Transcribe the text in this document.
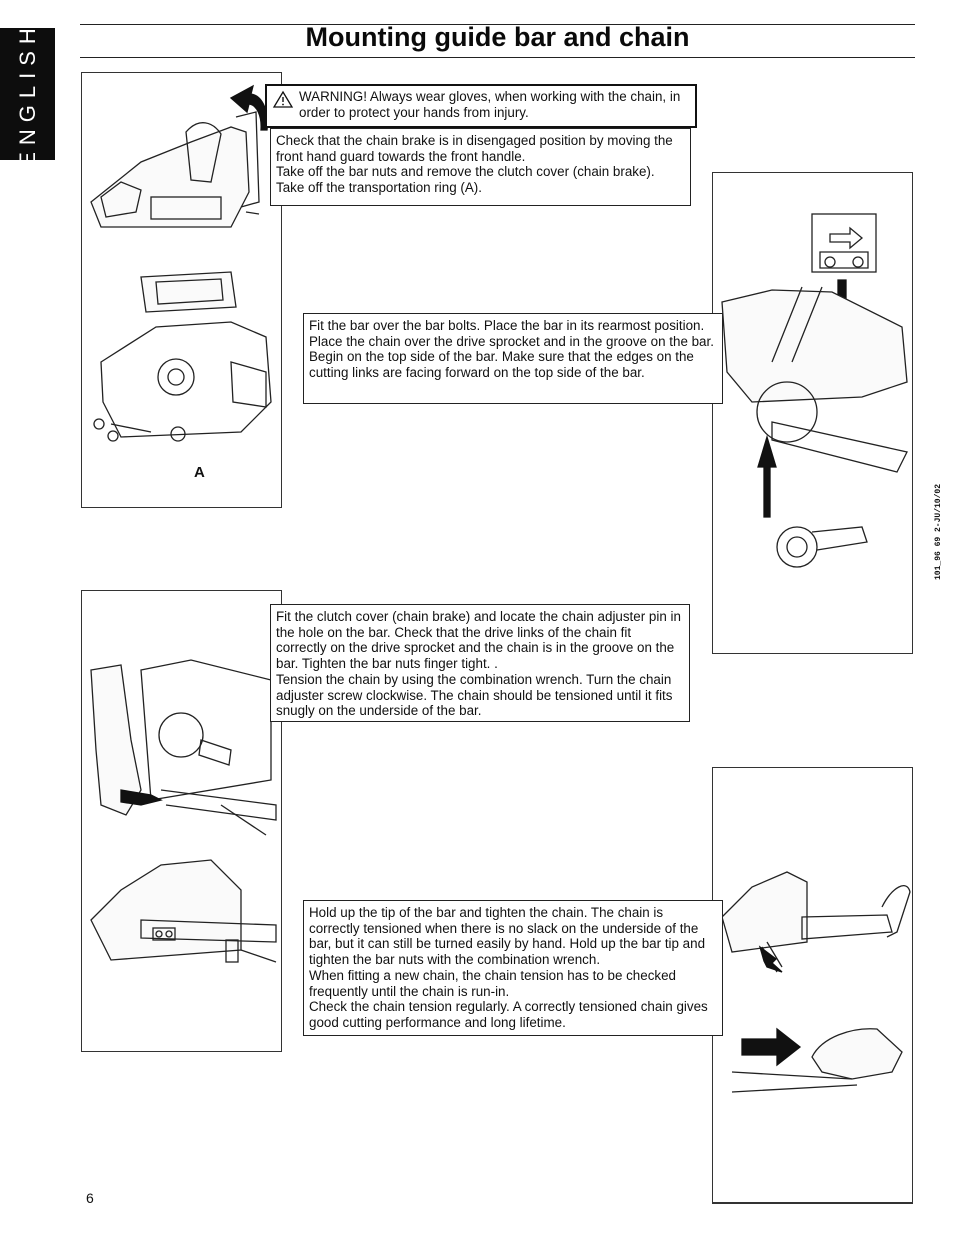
ENGLISH	Mounting guide bar and chain
A
WARNING! Always wear gloves, when working with the chain, in order to protect your hands from injury.
Check that the chain brake is in disengaged position by moving the front hand guard towards the front handle.
Take off the bar nuts and remove the clutch cover (chain brake).
Take off the transportation ring (A).
Fit the bar over the bar bolts. Place the bar in its rearmost position. Place the chain over the drive sprocket and in the groove on the bar. Begin on the top side of the bar. Make sure that the edges on the cutting links are facing forward on the top side of the bar.
Fit the clutch cover (chain brake) and locate the chain adjuster pin in the hole on the bar. Check that the drive links of the chain fit correctly on the drive sprocket and the chain is in the groove on the bar. Tighten the bar nuts finger tight. .
Tension the chain by using the combination wrench. Turn the chain adjuster screw clockwise. The chain should be tensioned until it fits snugly on the underside of the bar.
Hold up the tip of the bar and tighten the chain. The chain is correctly tensioned when there is no slack on the underside of the bar, but it can still be turned easily by hand. Hold up the bar tip and tighten the bar nuts with the combination wrench.
When fitting a new chain, the chain tension has to be checked frequently until the chain is run-in.
Check the chain tension regularly. A correctly tensioned chain gives good cutting performance and long lifetime.
6
101_96 69 2-JU/10/02
